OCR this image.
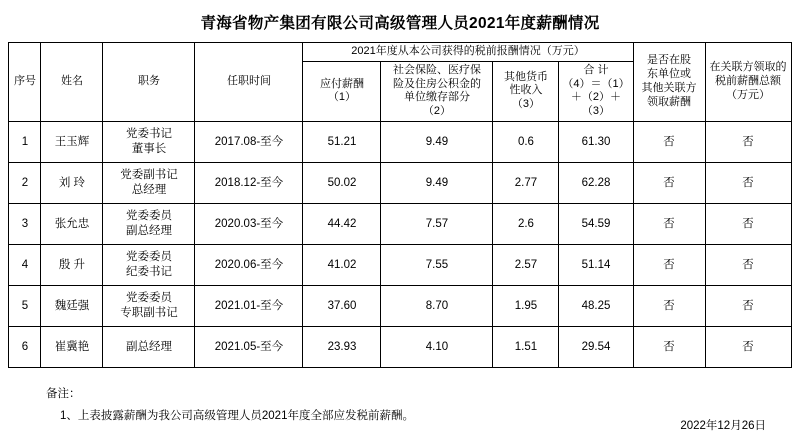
青海省物产集团有限公司高级管理人员2021年度薪酬情况
序号	姓名	职务	任职时间	2021年度从本公司获得的税前报酬情况（万元）				是否在股
东单位或
其他关联方
领取薪酬	在关联方领取的
税前薪酬总额
（万元）

				应付薪酬
（1）	社会保险、医疗保
险及住房公积金的
单位缴存部分
（2）	其他货币
性收入
（3）	合 计
（4）＝（1）
＋（2）＋
（3）		

1	王玉辉	党委书记
董事长	2017.08-至今	51.21	9.49	0.6	61.30	否	否
2	刘 玲	党委副书记
总经理	2018.12-至今	50.02	9.49	2.77	62.28	否	否
3	张允忠	党委委员
副总经理	2020.03-至今	44.42	7.57	2.6	54.59	否	否
4	殷 升	党委委员
纪委书记	2020.06-至今	41.02	7.55	2.57	51.14	否	否
5	魏廷强	党委委员
专职副书记	2021.01-至今	37.60	8.70	1.95	48.25	否	否
6	崔冀艳	副总经理	2021.05-至今	23.93	4.10	1.51	29.54	否	否
备注：
1、上表披露薪酬为我公司高级管理人员2021年度全部应发税前薪酬。
2022年12月26日
